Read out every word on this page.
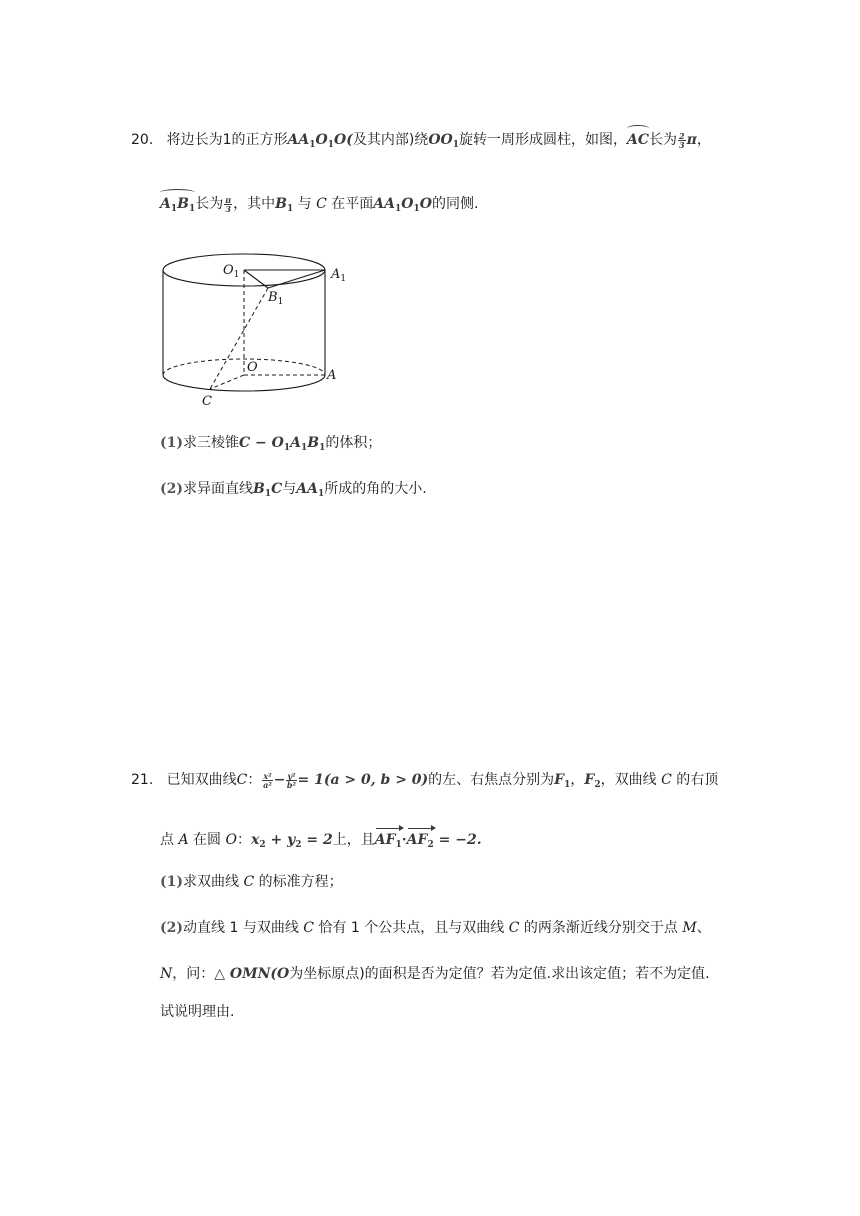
20. 将边长为1的正方形$AA_1O_1O$(及其内部)绕$OO_1$旋转一周形成圆柱，如图，AC长为 $\frac{2}{3}$ π，
$A_1B_1$长为 $\frac{\pi}{3}$ ，其中$B_1$ 与 C 在平面$AA_1O_1O$的同侧.
$O_1$	$A_1$
$B_1$
O
A
C
(1)求三棱锥$C - O_1A_1B_1$的体积；
(2)求异面直线$B_1C$与$AA_1$所成的角的大小.
21. 已知双曲线C： $\frac{\text{x²}}{\text{a²}} - \frac{\text{y²}}{\text{b²}} = 1(a > 0$, b > 0)的左、右焦点分别为$F_1$，$F_2$，双曲线 C 的右顶
点 A 在圆 O：$x_2 + y_2 = 2$上，且$AF_1\cdot AF_2 = -2$.
(1)求双曲线 C 的标准方程；
(2)动直线 1 与双曲线 C 恰有 1 个公共点，且与双曲线 C 的两条渐近线分别交于点 M、
N，问：△ OMN(O为坐标原点)的面积是否为定值？若为定值.求出该定值；若不为定值.
试说明理由.
